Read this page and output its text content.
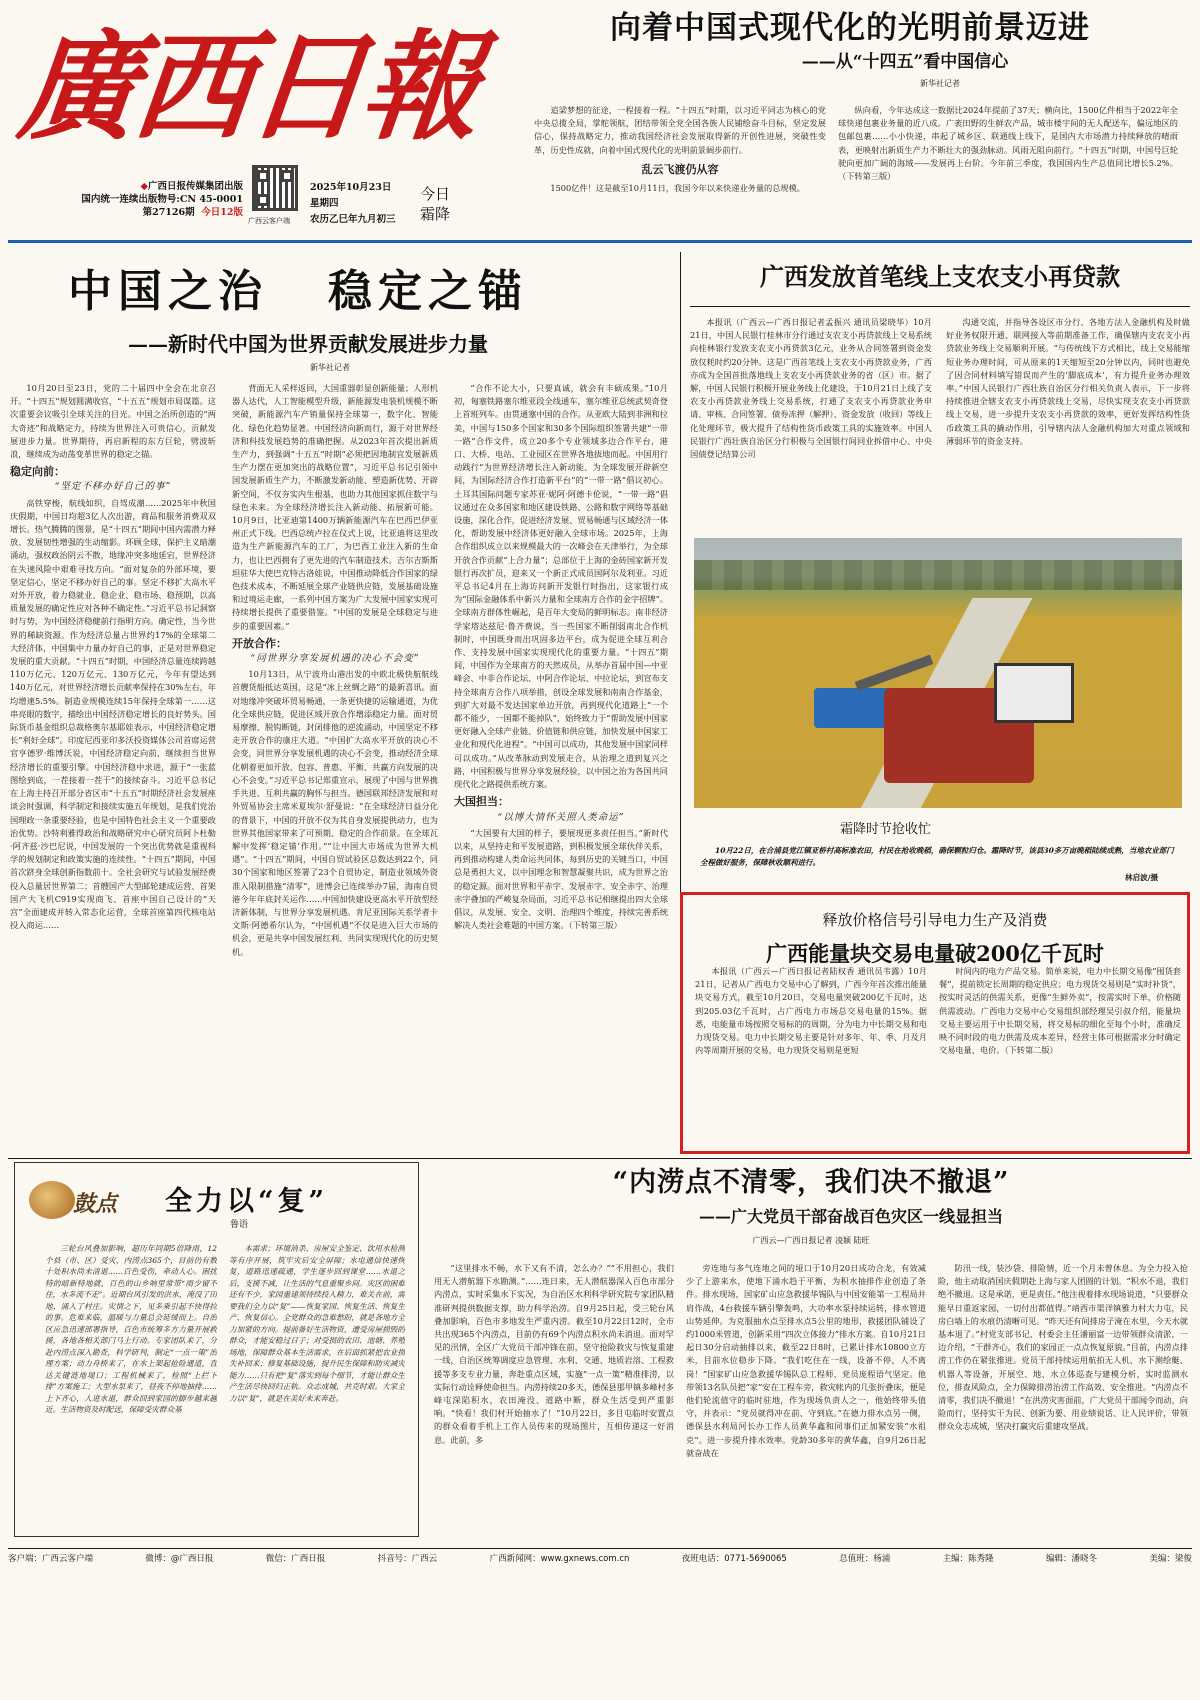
廣西日報
◆广西日报传媒集团出版
国内统一连续出版物号:CN 45-0001
第27126期 今日12版
广西云客户端
2025年10月23日
星期四
农历乙巳年九月初三
今日
霜降
向着中国式现代化的光明前景迈进
——从“十四五”看中国信心
新华社记者

追梁梦想的征途，一程接着一程。“十四五”时期，以习近平同志为核心的党中央总揽全局，掌舵领航，团结带领全党全国各族人民铺绘奋斗目标，坚定发展信心，保持战略定力，推动我国经济社会发展取得新的开创性进展，突破性变革，历史性成就，向着中国式现代化的光明前景阔步前行。

乱云飞渡仍从容

1500亿件！这是截至10月11日，我国今年以来快递业务量的总规模。

纵向看，今年达成这一数据比2024年提前了37天；横向比，1500亿件相当于2022年全球快递包裹业务量的近八成。广袤田野的生鲜农产品，城市楼宇间的无人配送车，偏远地区的包邮包裹……小小快递，串起了城乡区、联通线上线下，是国内大市场潜力持续释放的晴雨表，更映射出新质生产力不断壮大的强劲脉动。风雨无阻向前行。“十四五”时期，中国号巨轮驶向更加广阔的海域——发展再上台阶。今年前三季度，我国国内生产总值同比增长5.2%。（下转第三版）

中国之治 稳定之锚
——新时代中国为世界贡献发展进步力量
新华社记者

10月20日至23日，党的二十届四中全会在北京召开。“十四五”规划圆满收官，“十五五”规划市局谋篇。这次重要会议吸引全球关注的目光。中国之治所创造的“两大奇迹”和战略定力，持续为世界注入可贵信心，贡献发展进步力量。世界期待，再启新程的东方巨轮，劈波斩浪，继续成为动荡变革世界的稳定之锚。

稳定向前：
“坚定不移办好自己的事”

高铁穿梭，航线如织，自驾成潮……2025年中秋国庆假期，中国日均超3亿人次出游，商品和服务消费双双增长。热气腾腾的图景，是“十四五”期间中国内需潜力释放、发展韧性增强的生动缩影。环顾全球，保护主义暗潮涌动，强权政治阴云不散，地缘冲突多地延宕，世界经济在失速风险中艰难寻找方向。“面对复杂的外部环境，要坚定信心，坚定不移办好自己的事。坚定不移扩大高水平对外开放，着力稳就业、稳企业、稳市场、稳预期，以高质量发展的确定性应对各种不确定性。”习近平总书记洞察时与势，为中国经济稳健前行指明方向。确定性，当今世界的稀缺资源。作为经济总量占世界约17%的全球第二大经济体，中国集中力量办好自己的事，正是对世界稳定发展的重大贡献。“十四五”时期，中国经济总量连续跨越110万亿元、120万亿元、130万亿元，今年有望达到140万亿元，对世界经济增长贡献率保持在30%左右，年均增速5.5%。制造业规模连续15年保持全球第一……这串亮眼的数字，描绘出中国经济稳定增长的良好势头。国际货币基金组织总裁格奥尔基耶娃表示，中国经济稳定增长“利好全球”。印度尼西亚印多沃投资媒体公司首席运营官亨德罗·维博沃说，中国经济稳定向前，继续担当世界经济增长的重要引擎。中国经济稳中求进，源于“一张蓝图绘到底，一茬接着一茬干”的接续奋斗。习近平总书记在上海主持召开部分省区市“十五五”时期经济社会发展座谈会时强调，科学制定和接续实施五年规划，是我们党治国理政一条重要经验，也是中国特色社会主义一个重要政治优势。沙特利雅得政治和战略研究中心研究员阿卜杜勒·阿齐兹·沙巴尼说，中国发展的一个突出优势就是重视科学的规划制定和政策实施的连续性。“十四五”期间，中国首次跻身全球创新指数前十。全社会研究与试验发展经费投入总量居世界第二；首艘国产大型邮轮建成运营、首架国产大飞机C919实现商飞、首座中国自己设计的“天宫”全面建成并转入常态化运营，全球首座第四代核电站投入商运……

背面无人采样返回，大国重器彰显创新能量；人形机器人达代，人工智能模型升级，新能源发电装机规模不断突破，新能源汽车产销量保持全球第一，数字化、智能化、绿色化趋势显著。中国经济向新而行，源于对世界经济和科技发展趋势的准确把握。从2023年首次提出新质生产力，到强调“十五五”时期“必须把因地制宜发展新质生产力摆在更加突出的战略位置”，习近平总书记引领中国发展新质生产力，不断激发新动能、塑造新优势、开辟新空间，不仅夯实内生根基，也助力其他国家抓住数字与绿色未来。为全球经济增长注入新动能、拓展新可能。10月9日，比亚迪第1400万辆新能源汽车在巴西巴伊亚州正式下线。巴西总统卢拉在仪式上说，比亚迪将这里改造为生产新能源汽车的工厂，为巴西工业注入新的生命力，也让巴西拥有了更先进的汽车制造技术。吉尔吉斯斯坦驻华大使巴克特古洛娃说，中国推动降低合作国家的绿色技术成本，不断延展全球产业链供应链，发展基础设施和过境运走廊，一系列中国方案为广大发展中国家实现可持续增长提供了重要借鉴。“中国的发展是全球稳定与进步的重要因素。”

开放合作：
“同世界分享发展机遇的决心不会变”

10月13日，从宁波舟山港出发的中欧北极快航航线首艘货船抵达英国，这是“冰上丝绸之路”的最新喜讯。面对地缘冲突破坏贸易畅通，一条更快捷的运输通道，为优化全球供应链，促进区域开放合作增添稳定力量。面对贸易摩擦、脱钩断链，封闭排他的逆流涌动，中国坚定不移走开放合作的康庄大道。“中国扩大高水平开放的决心不会变，同世界分享发展机遇的决心不会变，推动经济全球化朝着更加开放、包容、普惠、平衡、共赢方向发展的决心不会变。”习近平总书记郑重宣示，展现了中国与世界携手共进、互利共赢的胸怀与担当。德国联邦经济发展和对外贸易协会主席米夏埃尔·舒曼说：“在全球经济日益分化的背景下，中国的开放不仅为其自身发展提供动力，也为世界其他国家带来了可预期、稳定的合作前景。在全球瓦解中发挥‘稳定锚’作用。”“让中国大市场成为世界大机遇”。“十四五”期间，中国自贸试验区总数达到22个，同30个国家和地区签署了23个自贸协定，制造业领域外资准入限制措施“清零”，进博会已连续举办7届，海南自贸港今年年底封关运作……中国加快建设更高水平开放型经济新体制，与世界分享发展机遇。肯尼亚国际关系学者卡文斯·阿德希尔认为，“中国机遇”不仅是进入巨大市场的机会，更是共享中国发展红利、共同实现现代化的历史契机。

“合作不论大小，只要真诚，就会有丰硕成果。”10月初，匈塞铁路塞尔维亚段全线通车，塞尔维亚总统武契奇登上首班列车。由贯通塞中国的合作。从亚欧大陆到非洲和拉美，中国与150多个国家和30多个国际组织签署共建“一带一路”合作文件，成立20多个专业领域多边合作平台，港口、大桥、电站、工业园区在世界各地拔地而起。中国用行动践行“为世界经济增长注入新动能、为全球发展开辟新空间，为国际经济合作打造新平台”的“一带一路”倡议初心。土耳其国际问题专家苏亚·妮阿·阿德卡伦说，“一带一路”倡议通过在众多国家和地区建设铁路、公路和数字网络等基础设施，深化合作，促进经济发展、贸易畅通与区域经济一体化，帮助发展中经济体更好融入全球市场。2025年，上海合作组织成立以来规模最大的一次峰会在天津举行，为全球开放合作贡献“上合力量”；总部位于上海的金砖国家新开发银行再次扩员，迎来又一个新正式成员国阿尔及利亚。习近平总书记4月在上海访问新开发银行时指出，这家银行成为“国际金融体系中新兴力量和全球南方合作的金字招牌”。全球南方群体性崛起，是百年大变局的鲜明标志。南非经济学家塔达兹尼·鲁齐费说，当一些国家不断削弱南北合作机制时，中国既身而出巩固多边平台，成为促进全球互利合作、支持发展中国家实现现代化的重要力量。“十四五”期间，中国作为全球南方的天然成员，从举办首届中国—中亚峰会、中非合作论坛、中阿合作论坛、中拉论坛，到宣布支持全球南方合作八项举措，创设全球发展和南南合作基金，到扩大对最不发达国家单边开放，再到现代化道路上“一个都不能少，一国都不能掉队”，始终致力于“帮助发展中国家更好融入全球产业链、价值链和供应链，加快发展中国家工业化和现代化进程”。“中国可以成功，其他发展中国家同样可以成功。”从改革脉动到发展走合，从治理之道到复兴之路，中国积极与世界分享发展经验，以中国之治为各国共同现代化之路提供系统方案。

大国担当：
“以博大情怀关照人类命运”

“大国要有大国的样子，要展现更多责任担当。”新时代以来，从坚持走和平发展道路，到积极发展全球伙伴关系，再到推动构建人类命运共同体，每到历史的关键当口，中国总是勇担大义，以中国理念和智慧凝聚共识，成为世界之治的稳定源。面对世界和平赤字、发展赤字、安全赤字、治理赤字叠加的严峻复杂局面，习近平总书记相继提出四大全球倡议，从发展、安全、文明、治理四个维度，持续完善系统解决人类社会难题的中国方案。（下转第三版）

广西发放首笔线上支农支小再贷款

本报讯（广西云—广西日报记者孟振兴 通讯员梁晓华）10月21日，中国人民银行桂林市分行通过支农支小再贷款线上交易系统向桂林银行发放支农支小再贷款3亿元，业务从合同签署到资金发放仅耗时约20分钟。这是广西首笔线上支农支小再贷款业务，广西亦成为全国首批落地线上支农支小再贷款业务的省（区）市。据了解，中国人民银行积极开展业务线上化建设，于10月21日上线了支农支小再贷款业务线上交易系统，打通了支农支小再贷款业务申请、审核、合同签署、债券冻押（解押）、资金发放（收回）等线上化处理环节，极大提升了结构性货币政策工具的实施效率。中国人民银行广西壮族自治区分行积极与全国银行间同业拆借中心、中央国债登记结算公司

沟通交流，并指导各设区市分行、各地方法人金融机构及时做好业务权限开通、联网接入等前期准备工作，确保辖内支农支小再贷款业务线上交易顺利开展。“与传统线下方式相比，线上交易能缩短业务办理时间，可从原来的1天缩短至20分钟以内，同时也避免了因合同材料填写错误而产生的‘脚底成本’，有力提升业务办理效率。”中国人民银行广西壮族自治区分行相关负责人表示，下一步将持续推进全辖支农支小再贷款线上交易，尽快实现支农支小再贷款线上交易，进一步提升支农支小再贷款的效率，更好发挥结构性货币政策工具的撬动作用，引导辖内法人金融机构加大对重点领域和薄弱环节的资金支持。

霜降时节抢收忙
10月22日，在合浦县党江镇亚桥村高标准农田，村民在抢收晚稻，确保颗粒归仓。霜降时节，该县30多万亩晚稻陆续成熟，当地农业部门全程做好服务，保障秋收顺利进行。
林启波/摄
释放价格信号引导电力生产及消费
广西能量块交易电量破200亿千瓦时

本报讯（广西云—广西日报记者陆权香 通讯员韦露）10月21日，记者从广西电力交易中心了解到，广西今年首次推出能量块交易方式，截至10月20日，交易电量突破200亿千瓦时，达到205.03亿千瓦时，占广西电力市场总交易电量的15%。据悉，电能量市场按照交易标的的周期，分为电力中长期交易和电力现货交易。电力中长期交易主要是针对多年、年、季、月及月内等周期开展的交易，电力现货交易则是更短

时间内的电力产品交易。简单来说，电力中长期交易像“囤货套餐”，提前锁定长周期的稳定供应；电力现货交易则是“实时补货”，按实时灵活的供需关系，更像“生鲜外卖”，按需实时下单，价格随供需波动。广西电力交易中心交易组织部经理吴引叔介绍，能量块交易主要运用于中长期交易，将交易标的细化至每个小时，准确反映不同时段的电力供需及成本差异，经营主体可根据需求分时确定交易电量、电价。（下转第二版）

鼓点 全力以“复”
鲁语

三轮台风叠加影响，超历年同期5倍降雨，12个县（市、区）受灾，内涝点365个，目前仍有数十处积水尚未清退……百色受伤，牵动人心。困扰特的暗新特地就，百色的山乡响里常带“雨少留不住，水多流不走”。近期台风引发的洪水，淹没了田地、涌入了村庄。灾情之下，见多乘引起不快得拉的事。危难来临，温暖与力量总会延缓而上。自治区应急迅速部署指导，百色市统筹多方力量开展救援，各地各相关部门马上行动。专家团队来了，分赴内涝点深入勘查，科学研判，制定“一点一策”治理方案；动力舟桥来了，在水上架起抢险通道，直达关键涟地堤口；工程机械来了，检照“上拦下排”方案施工；大型水泵来了，昼夜不停地抽排……上下齐心，人进水退，群众回到家园的脚步越来越近。生活物资及时配送，保障受灾群众基

本需求；环境消杀、房屋安全鉴定、饮用水检测等有序开展，筑牢灾后安全屏障；水电通信快速恢复，道路迅速疏通，学生逐步回到课堂……水退之后，支援不减，让生活的气息重聚乡间。灾区的困难还有不少，家园重建须持续投入精力，难关在前，需要我们全力以“复”——恢复家园、恢复生活、恢复生产、恢复信心。全党群众的急难愁盼，就是各地方全力加紧的方向。提前备好生活物资，遭受房屋损毁的群众，才能安稳过日子；对受损的农田、池塘、养殖场地，保障群众基本生活需求，在后面抓紧把农业损失补回来；修复基础设施，提升民生保障和防灾减灾能力……只有把“复”落实到每个细节，才能让群众生产生活尽快回归正轨。众志成城，共克时艰。大家全力以“复”，就是在美好未来奔赴。

“内涝点不清零，我们决不撤退”
——广大党员干部奋战百色灾区一线显担当
广西云—广西日报记者 凌颖 陆旺

“这里排水不畅，水下又有不清，怎么办？”“不用担心，我们用无人潜航器下水勘测。”……连日来，无人潜航器深入百色市部分内涝点，实时采集水下实况，为自治区水利科学研究院专家团队精准研判提供数据支撑，助力科学治涝。自9月25日起，受三轮台风叠加影响，百色市多地发生严重内涝。截至10月22日12时，全市共出现365个内涝点，目前仍有69个内涝点积水尚未消退。面对罕见的汛情，全区广大党员干部冲锋在前，坚守抢险救灾与恢复重建一线，自治区统筹调度应急管理、水利、交通、地质岩溶、工程救援等多支专业力量，奔赴重点区域，实施“一点一策”精准排涝，以实际行动诠释使命担当。内涝持续20多天，德保县那甲镇多峰村多峰屯深陷积水，农田淹没、道路中断，群众生活受到严重影响。“快看！我们村开始抽水了！”10月22日，多目屯临时安置点的群众看着手机上工作人员传来的现场图片，互相传递这一好消息。此前，多

旁连地与多气连地之间的垭口于10月20日成功合龙，有效减少了上游来水，使地下涌水趋于平衡，为积水抽排作业创造了条件。排水现场，国家矿山应急救援华锡队与中国安能第一工程局并肩作战，4台救援车辆引擎轰鸣，大功率水泵持续运转，排水管道山势延伸。为克服抽水点至排水点5公里的地形，救援团队铺设了约1000米管道，创新采用“四次立体接力”排水方案。自10月21日起日30分启动抽排以来，截至22日8时，已累计排水10800立方米，目前水位稳步下降。“我们吃住在一线，设备不停，人不离岗！”国家矿山应急救援华锡队总工程师、党员庞程语气坚定。他带领13名队员把“家”安在工程车旁，救灾帐内的几张折叠床，便是他们轮流值守的临时驻地，作为现场负责人之一，他始终带头值守，并表示：“党员就得冲在前、守到底。”在德力排水点另一侧，德保县水利局河长办工作人员黄华鑫和同事们正加紧安装“水祖克”。进一步提升排水效率。党龄30多年的黄华鑫，自9月26日起就奋战在

防汛一线，装沙袋、排险情，近一个月未曾休息。为全力投入抢险，他主动取消国庆假期赴上海与家人团圆的计划。“积水不退，我们绝不撤退。这是承诺，更是责任。”他注视着排水现场说道，“只要群众能早日重返家园，一切付出都值得。”靖西市渠洋镇雅力村大力屯，民房白墙上的水痕仍清晰可见。“昨天还有间排房子淹在水里，今天水就基本退了。”村党支部书记、村委会主任潘丽富一边带领群众清淤，一边介绍，“干群齐心，我们的家园正一点点恢复原貌。”目前，内涝点排涝工作仍在紧张推进。党员干部持续运用航拍无人机、水下测绘艇、机器人等设备，开展空、地、水立体巡查与建模分析，实时监测水位，排查风险点，全力保障排涝治涝工作高效、安全推进。“内涝点不清零，我们决不撤退！”在洪涝灾害面前，广大党员干部闻令而动，向险而行，坚持实干为民、创新为要、用业绩说话、让人民评价，带领群众众志成城，坚决打赢灾后重建攻坚战。

客户端：广西云客户端	微博：@广西日报	微信：广西日报	抖音号：广西云	广西新闻网：www.gxnews.com.cn	夜班电话：0771-5690065	总值班：杨浦	主编：陈秀隆	编辑：潘晓冬	美编：梁俊
